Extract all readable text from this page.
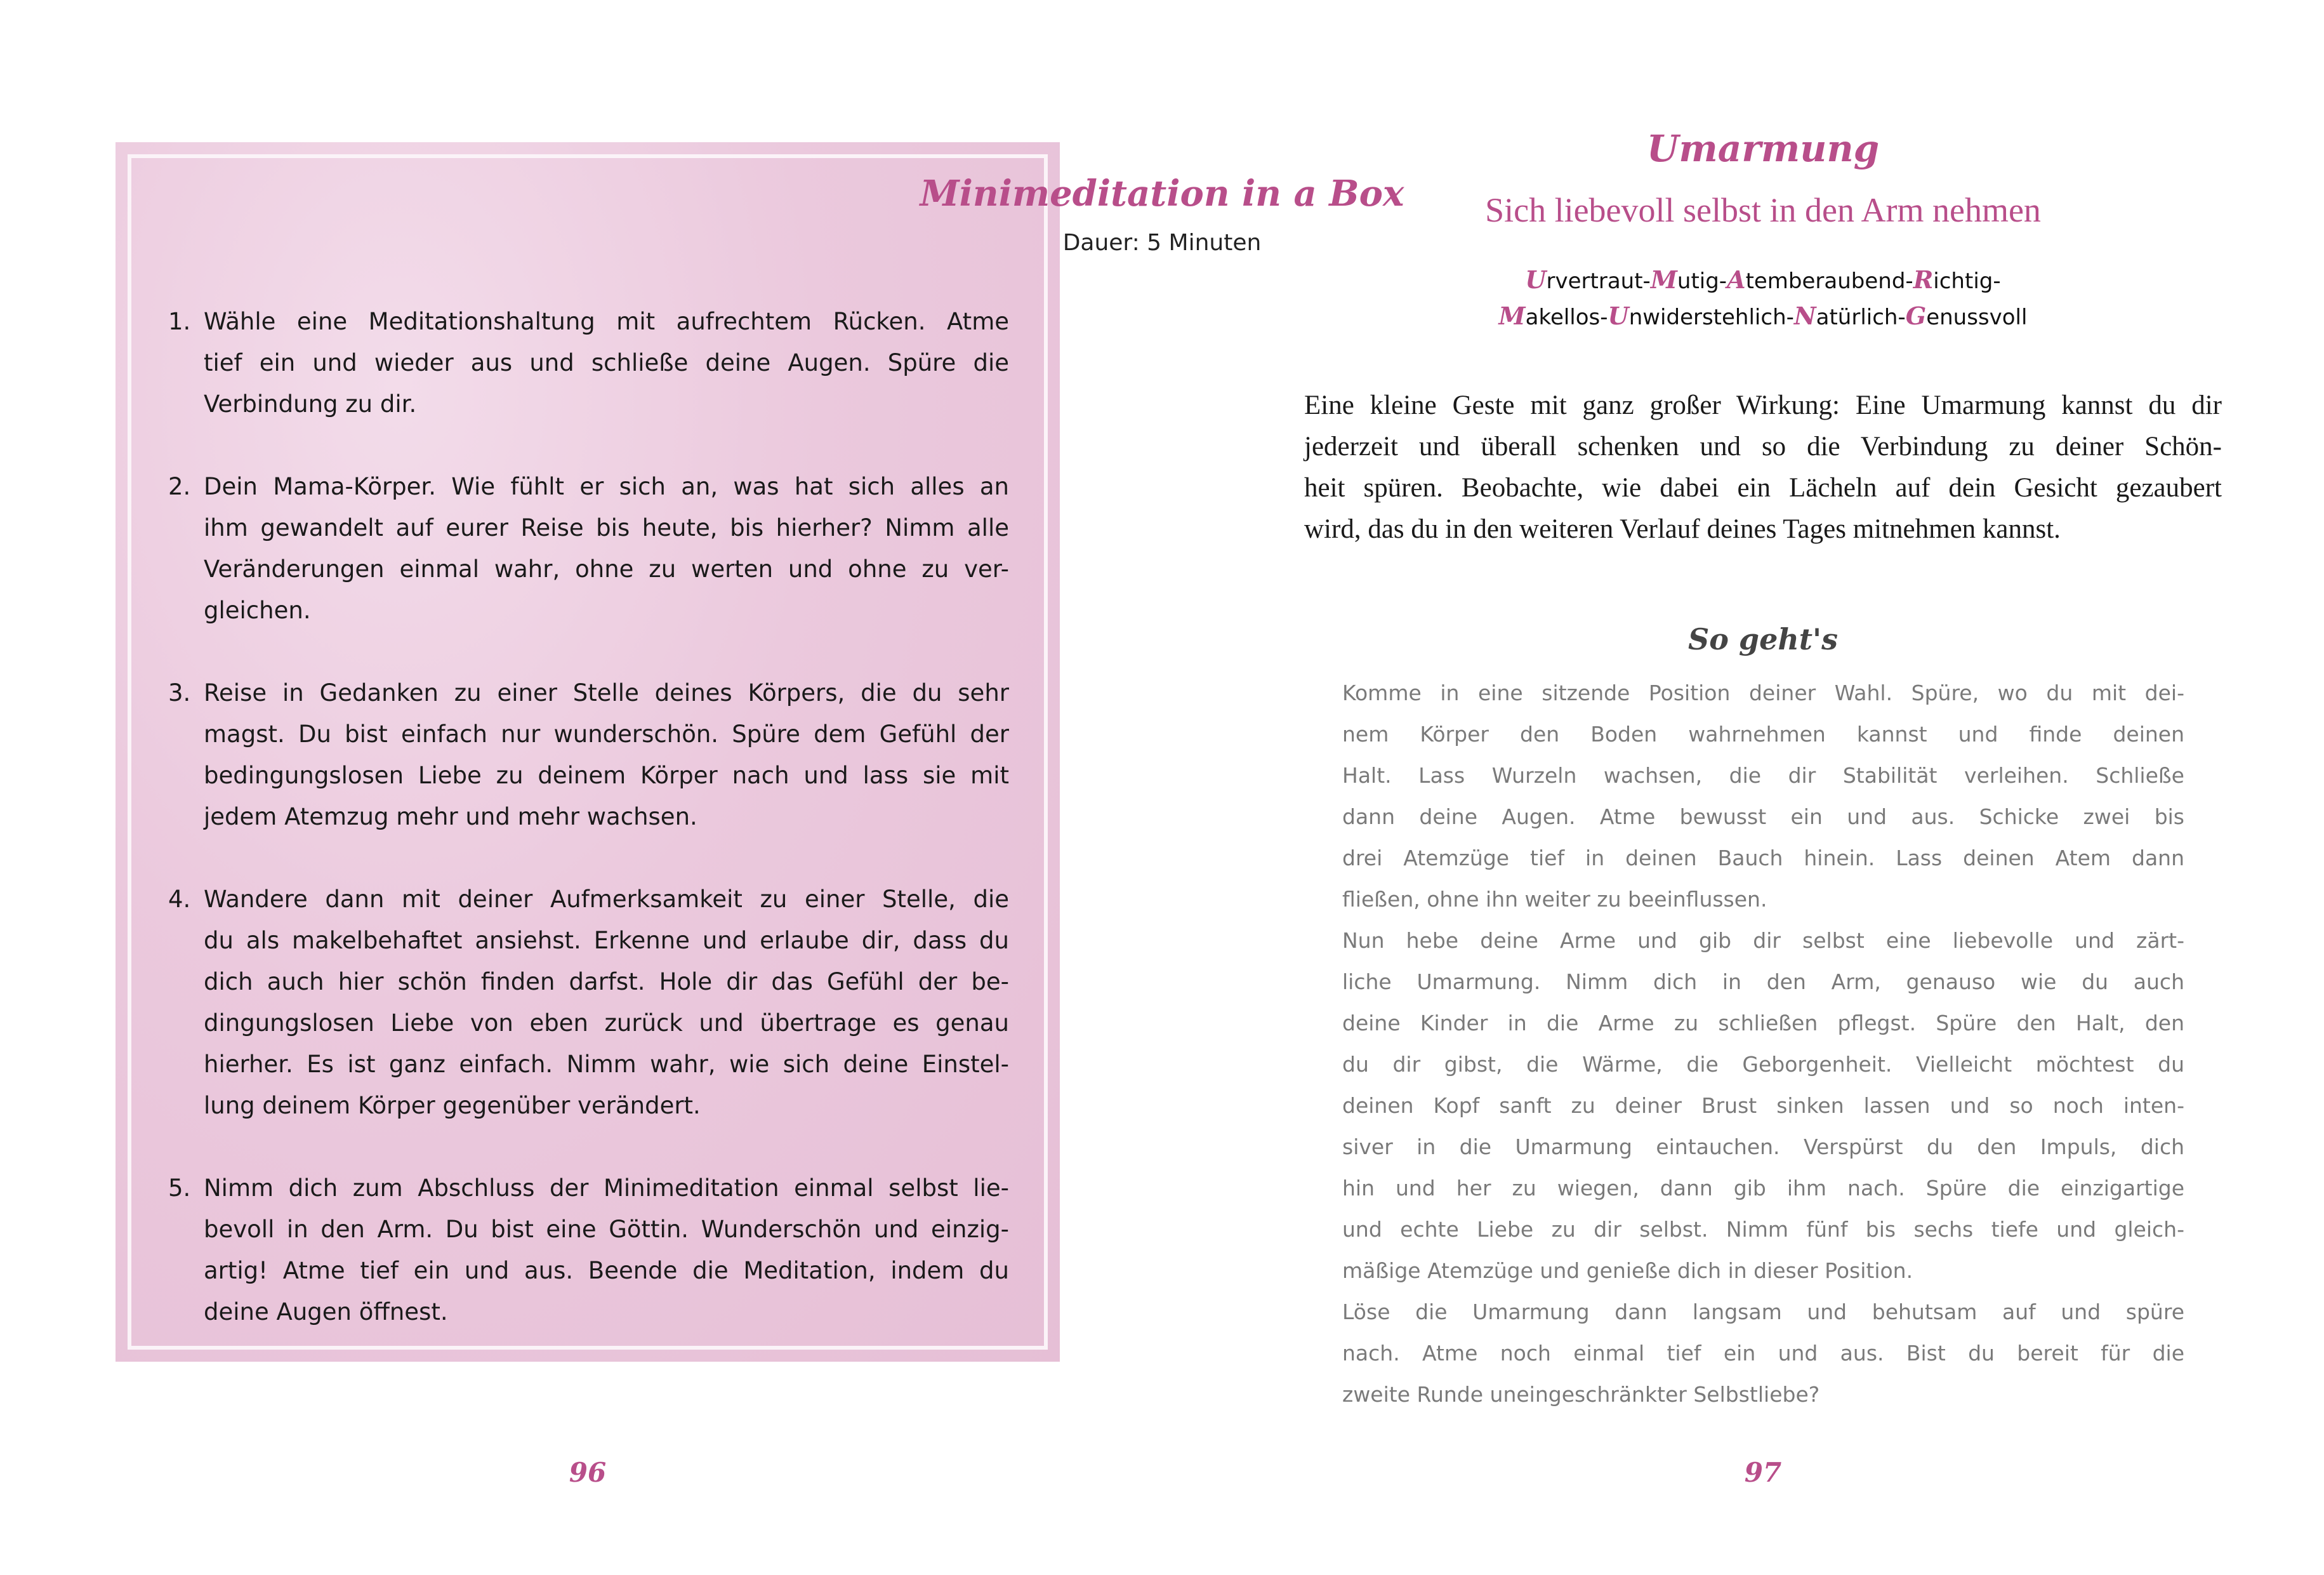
Minimeditation in a Box
Dauer: 5 Minuten
1. Wähle eine Meditationshaltung mit aufrechtem Rücken. Atme
tief ein und wieder aus und schließe deine Augen. Spüre die
Verbindung zu dir.
2. Dein Mama-Körper. Wie fühlt er sich an, was hat sich alles an
ihm gewandelt auf eurer Reise bis heute, bis hierher? Nimm alle
Veränderungen einmal wahr, ohne zu werten und ohne zu ver-
gleichen.
3. Reise in Gedanken zu einer Stelle deines Körpers, die du sehr
magst. Du bist einfach nur wunderschön. Spüre dem Gefühl der
bedingungslosen Liebe zu deinem Körper nach und lass sie mit
jedem Atemzug mehr und mehr wachsen.
4. Wandere dann mit deiner Aufmerksamkeit zu einer Stelle, die
du als makelbehaftet ansiehst. Erkenne und erlaube dir, dass du
dich auch hier schön finden darfst. Hole dir das Gefühl der be-
dingungslosen Liebe von eben zurück und übertrage es genau
hierher. Es ist ganz einfach. Nimm wahr, wie sich deine Einstel-
lung deinem Körper gegenüber verändert.
5. Nimm dich zum Abschluss der Minimeditation einmal selbst lie-
bevoll in den Arm. Du bist eine Göttin. Wunderschön und einzig-
artig! Atme tief ein und aus. Beende die Meditation, indem du
deine Augen öffnest.
96
Umarmung
Sich liebevoll selbst in den Arm nehmen
Urvertraut-Mutig-Atemberaubend-Richtig-
Makellos-Unwiderstehlich-Natürlich-Genussvoll
Eine kleine Geste mit ganz großer Wirkung: Eine Umarmung kannst du dir
jederzeit und überall schenken und so die Verbindung zu deiner Schön-
heit spüren. Beobachte, wie dabei ein Lächeln auf dein Gesicht gezaubert
wird, das du in den weiteren Verlauf deines Tages mitnehmen kannst.
So geht's
Komme in eine sitzende Position deiner Wahl. Spüre, wo du mit dei-
nem Körper den Boden wahrnehmen kannst und finde deinen
Halt. Lass Wurzeln wachsen, die dir Stabilität verleihen. Schließe
dann deine Augen. Atme bewusst ein und aus. Schicke zwei bis
drei Atemzüge tief in deinen Bauch hinein. Lass deinen Atem dann
fließen, ohne ihn weiter zu beeinflussen.
Nun hebe deine Arme und gib dir selbst eine liebevolle und zärt-
liche Umarmung. Nimm dich in den Arm, genauso wie du auch
deine Kinder in die Arme zu schließen pflegst. Spüre den Halt, den
du dir gibst, die Wärme, die Geborgenheit. Vielleicht möchtest du
deinen Kopf sanft zu deiner Brust sinken lassen und so noch inten-
siver in die Umarmung eintauchen. Verspürst du den Impuls, dich
hin und her zu wiegen, dann gib ihm nach. Spüre die einzigartige
und echte Liebe zu dir selbst. Nimm fünf bis sechs tiefe und gleich-
mäßige Atemzüge und genieße dich in dieser Position.
Löse die Umarmung dann langsam und behutsam auf und spüre
nach. Atme noch einmal tief ein und aus. Bist du bereit für die
zweite Runde uneingeschränkter Selbstliebe?
97
